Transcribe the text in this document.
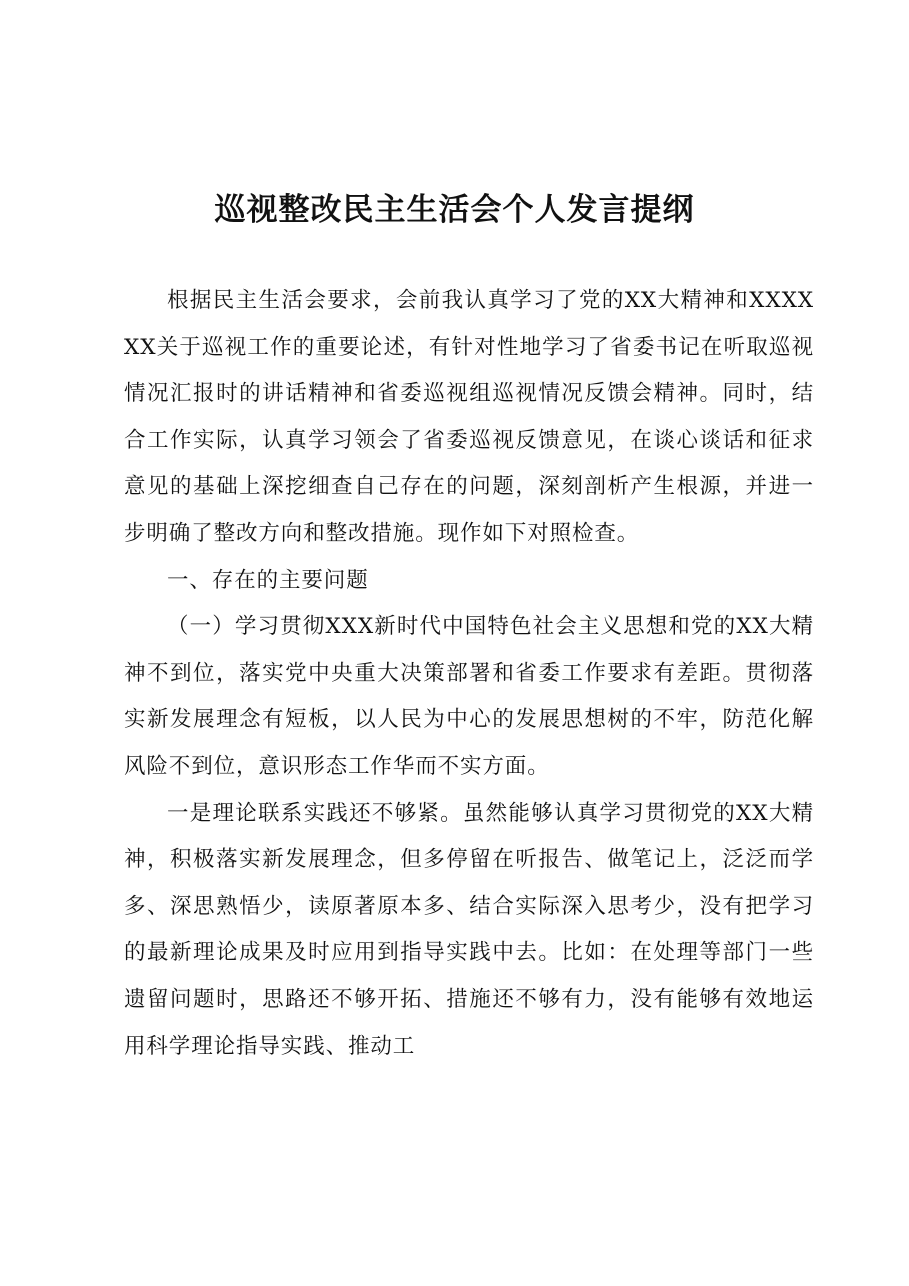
巡视整改民主生活会个人发言提纲

根据民主生活会要求，会前我认真学习了党的XX大精神和XXXXXX关于巡视工作的重要论述，有针对性地学习了省委书记在听取巡视情况汇报时的讲话精神和省委巡视组巡视情况反馈会精神。同时，结合工作实际，认真学习领会了省委巡视反馈意见，在谈心谈话和征求意见的基础上深挖细查自己存在的问题，深刻剖析产生根源，并进一步明确了整改方向和整改措施。现作如下对照检查。

一、存在的主要问题

（一）学习贯彻XXX新时代中国特色社会主义思想和党的XX大精神不到位，落实党中央重大决策部署和省委工作要求有差距。贯彻落实新发展理念有短板，以人民为中心的发展思想树的不牢，防范化解风险不到位，意识形态工作华而不实方面。

一是理论联系实践还不够紧。虽然能够认真学习贯彻党的XX大精神，积极落实新发展理念，但多停留在听报告、做笔记上，泛泛而学多、深思熟悟少，读原著原本多、结合实际深入思考少，没有把学习的最新理论成果及时应用到指导实践中去。比如：在处理等部门一些遗留问题时，思路还不够开拓、措施还不够有力，没有能够有效地运用科学理论指导实践、推动工
